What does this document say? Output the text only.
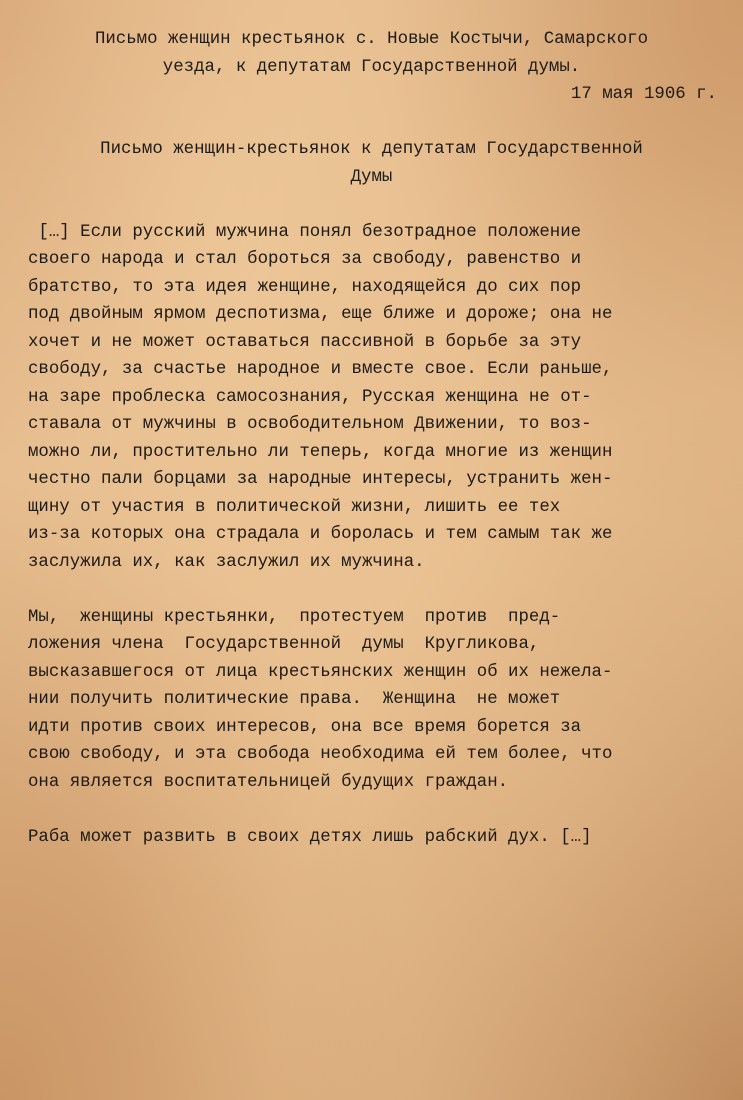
Письмо женщин крестьянок с. Новые Костычи, Самарского
уезда, к депутатам Государственной думы.
17 мая 1906 г.
Письмо женщин-крестьянок к депутатам Государственной
Думы
[…] Если русский мужчина понял безотрадное положение
своего народа и стал бороться за свободу, равенство и
братство, то эта идея женщине, находящейся до сих пор
под двойным ярмом деспотизма, еще ближе и дороже; она не
хочет и не может оставаться пассивной в борьбе за эту
свободу, за счастье народное и вместе свое. Если раньше,
на заре проблеска самосознания, Русская женщина не от-
ставала от мужчины в освободительном Движении, то воз-
можно ли, простительно ли теперь, когда многие из женщин
честно пали борцами за народные интересы, устранить жен-
щину от участия в политической жизни, лишить ее тех
из-за которых она страдала и боролась и тем самым так же
заслужила их, как заслужил их мужчина.
Мы,  женщины крестьянки,  протестуем  против  пред-
ложения члена  Государственной  думы  Кругликова,
высказавшегося от лица крестьянских женщин об их нежела-
нии получить политические права.  Женщина  не может
идти против своих интересов, она все время борется за
свою свободу, и эта свобода необходима ей тем более, что
она является воспитательницей будущих граждан.
Раба может развить в своих детях лишь рабский дух. […]
